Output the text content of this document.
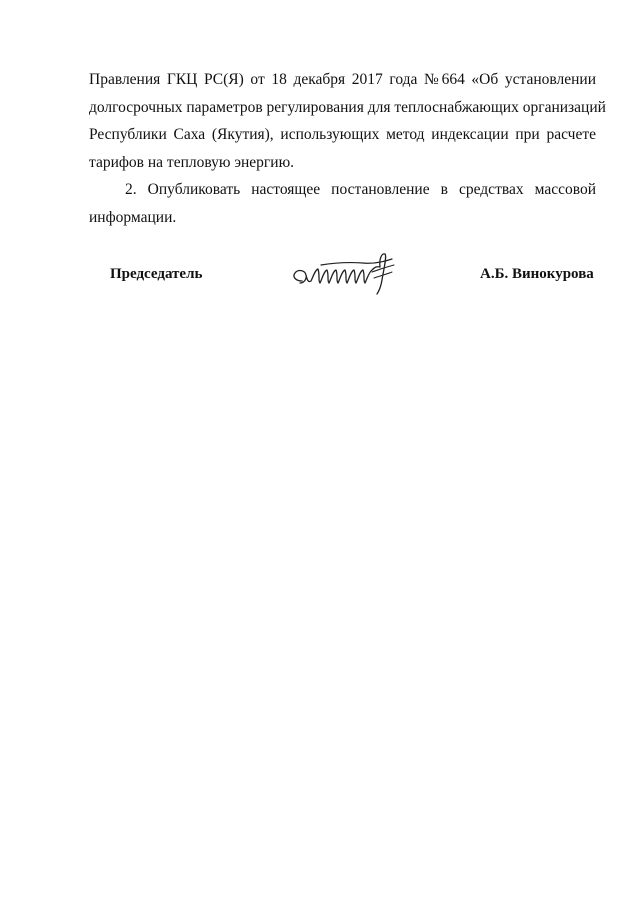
Правления ГКЦ РС(Я) от 18 декабря 2017 года №664 «Об установлении
долгосрочных параметров регулирования для теплоснабжающих организаций
Республики Саха (Якутия), использующих метод индексации при расчете
тарифов на тепловую энергию.
2. Опубликовать настоящее постановление в средствах массовой
информации.
Председатель	А.Б. Винокурова
